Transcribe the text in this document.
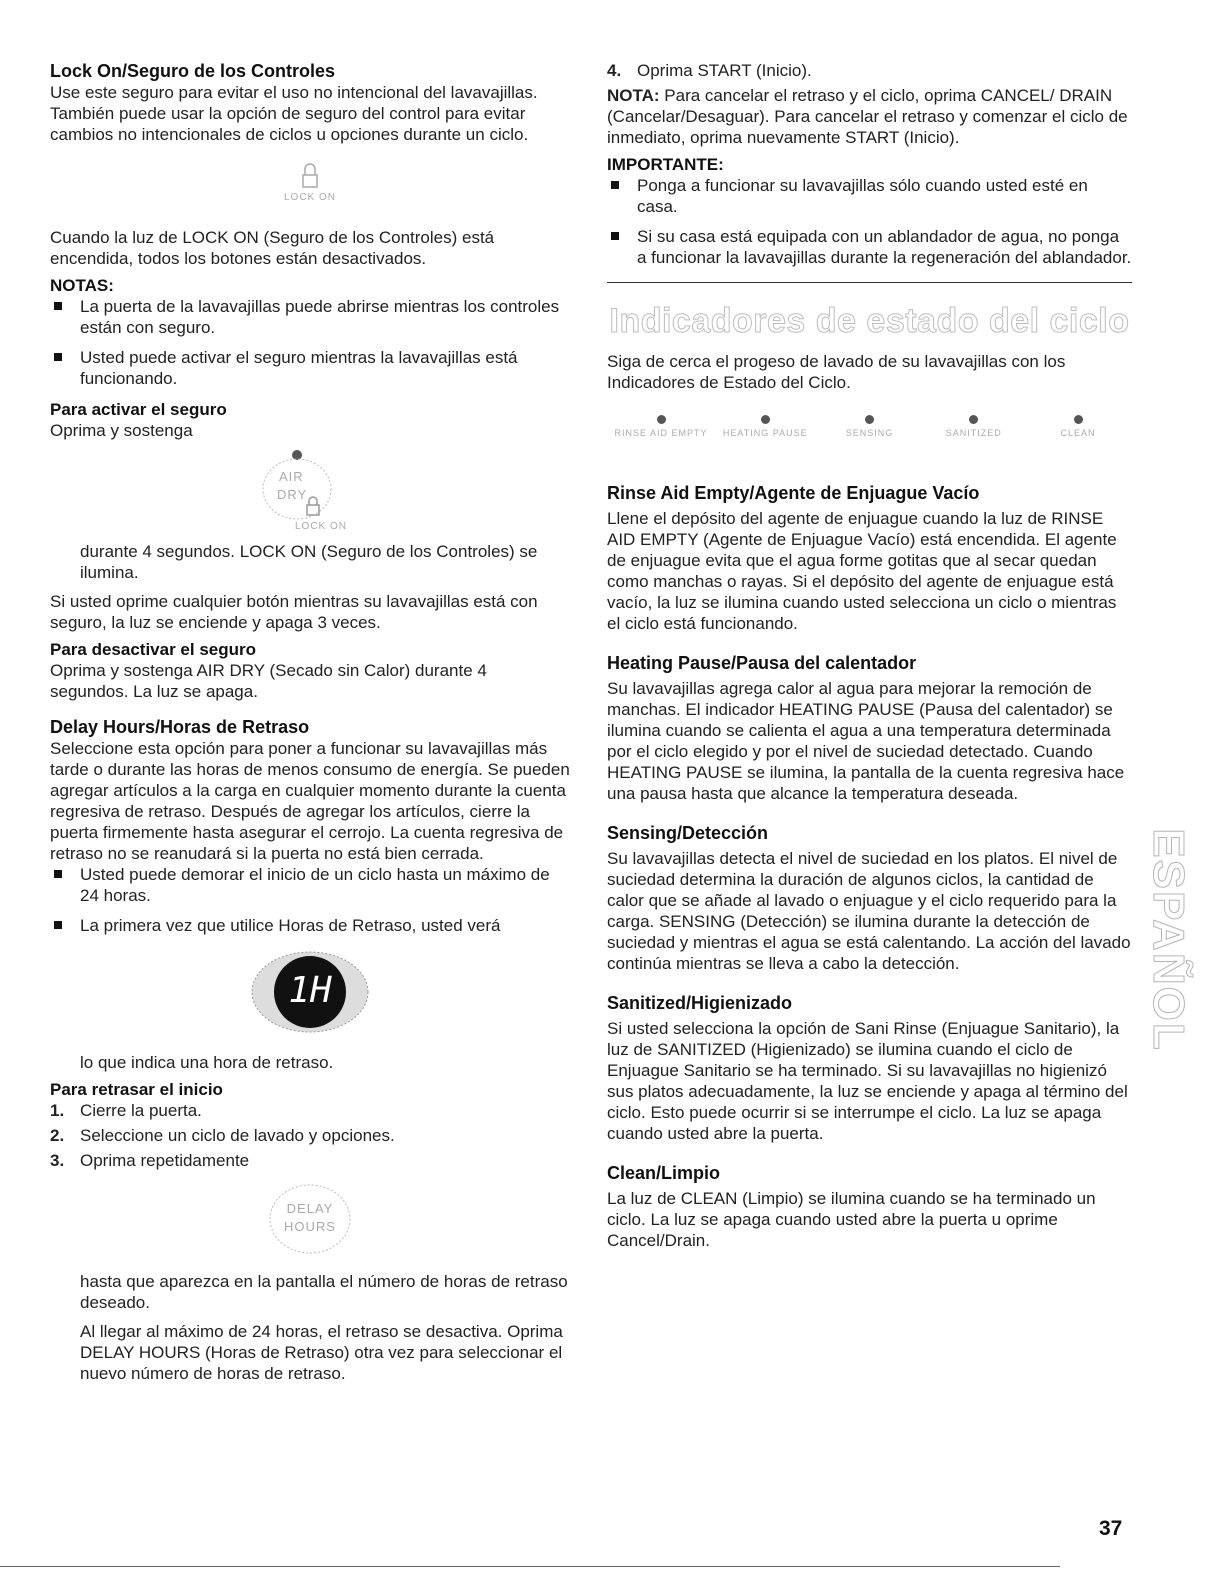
Lock On/Seguro de los Controles

Use este seguro para evitar el uso no intencional del lavavajillas. También puede usar la opción de seguro del control para evitar cambios no intencionales de ciclos u opciones durante un ciclo.

LOCK ON

Cuando la luz de LOCK ON (Seguro de los Controles) está encendida, todos los botones están desactivados.

NOTAS:
La puerta de la lavavajillas puede abrirse mientras los controles están con seguro.
Usted puede activar el seguro mientras la lavavajillas está funcionando.
Para activar el seguro

Oprima y sostenga

AIR
DRY
LOCK ON

durante 4 segundos. LOCK ON (Seguro de los Controles) se ilumina.

Si usted oprime cualquier botón mientras su lavavajillas está con seguro, la luz se enciende y apaga 3 veces.

Para desactivar el seguro

Oprima y sostenga AIR DRY (Secado sin Calor) durante 4 segundos. La luz se apaga.

Delay Hours/Horas de Retraso

Seleccione esta opción para poner a funcionar su lavavajillas más tarde o durante las horas de menos consumo de energía. Se pueden agregar artículos a la carga en cualquier momento durante la cuenta regresiva de retraso. Después de agregar los artículos, cierre la puerta firmemente hasta asegurar el cerrojo. La cuenta regresiva de retraso no se reanudará si la puerta no está bien cerrada.

Usted puede demorar el inicio de un ciclo hasta un máximo de 24 horas.
La primera vez que utilice Horas de Retraso, usted verá
1H

lo que indica una hora de retraso.

Para retrasar el inicio
1. Cierre la puerta.
2. Seleccione un ciclo de lavado y opciones.
3. Oprima repetidamente
DELAY
HOURS

hasta que aparezca en la pantalla el número de horas de retraso deseado.

Al llegar al máximo de 24 horas, el retraso se desactiva. Oprima DELAY HOURS (Horas de Retraso) otra vez para seleccionar el nuevo número de horas de retraso.

4. Oprima START (Inicio).

NOTA: Para cancelar el retraso y el ciclo, oprima CANCEL/ DRAIN (Cancelar/Desaguar). Para cancelar el retraso y comenzar el ciclo de inmediato, oprima nuevamente START (Inicio).

IMPORTANTE:
Ponga a funcionar su lavavajillas sólo cuando usted esté en casa.
Si su casa está equipada con un ablandador de agua, no ponga a funcionar la lavavajillas durante la regeneración del ablandador.
Indicadores de estado del ciclo

Siga de cerca el progeso de lavado de su lavavajillas con los Indicadores de Estado del Ciclo.

RINSE AID EMPTY HEATING PAUSE	SENSING	SANITIZED	CLEAN
Rinse Aid Empty/Agente de Enjuague Vacío

Llene el depósito del agente de enjuague cuando la luz de RINSE AID EMPTY (Agente de Enjuague Vacío) está encendida. El agente de enjuague evita que el agua forme gotitas que al secar quedan como manchas o rayas. Si el depósito del agente de enjuague está vacío, la luz se ilumina cuando usted selecciona un ciclo o mientras el ciclo está funcionando.

Heating Pause/Pausa del calentador

Su lavavajillas agrega calor al agua para mejorar la remoción de manchas. El indicador HEATING PAUSE (Pausa del calentador) se ilumina cuando se calienta el agua a una temperatura determinada por el ciclo elegido y por el nivel de suciedad detectado. Cuando HEATING PAUSE se ilumina, la pantalla de la cuenta regresiva hace una pausa hasta que alcance la temperatura deseada.

Sensing/Detección

Su lavavajillas detecta el nivel de suciedad en los platos. El nivel de suciedad determina la duración de algunos ciclos, la cantidad de calor que se añade al lavado o enjuague y el ciclo requerido para la carga. SENSING (Detección) se ilumina durante la detección de suciedad y mientras el agua se está calentando. La acción del lavado continúa mientras se lleva a cabo la detección.

Sanitized/Higienizado

Si usted selecciona la opción de Sani Rinse (Enjuague Sanitario), la luz de SANITIZED (Higienizado) se ilumina cuando el ciclo de Enjuague Sanitario se ha terminado. Si su lavavajillas no higienizó sus platos adecuadamente, la luz se enciende y apaga al término del ciclo. Esto puede ocurrir si se interrumpe el ciclo. La luz se apaga cuando usted abre la puerta.

Clean/Limpio

La luz de CLEAN (Limpio) se ilumina cuando se ha terminado un ciclo. La luz se apaga cuando usted abre la puerta u oprime Cancel/Drain.

ESPAÑOL
37
